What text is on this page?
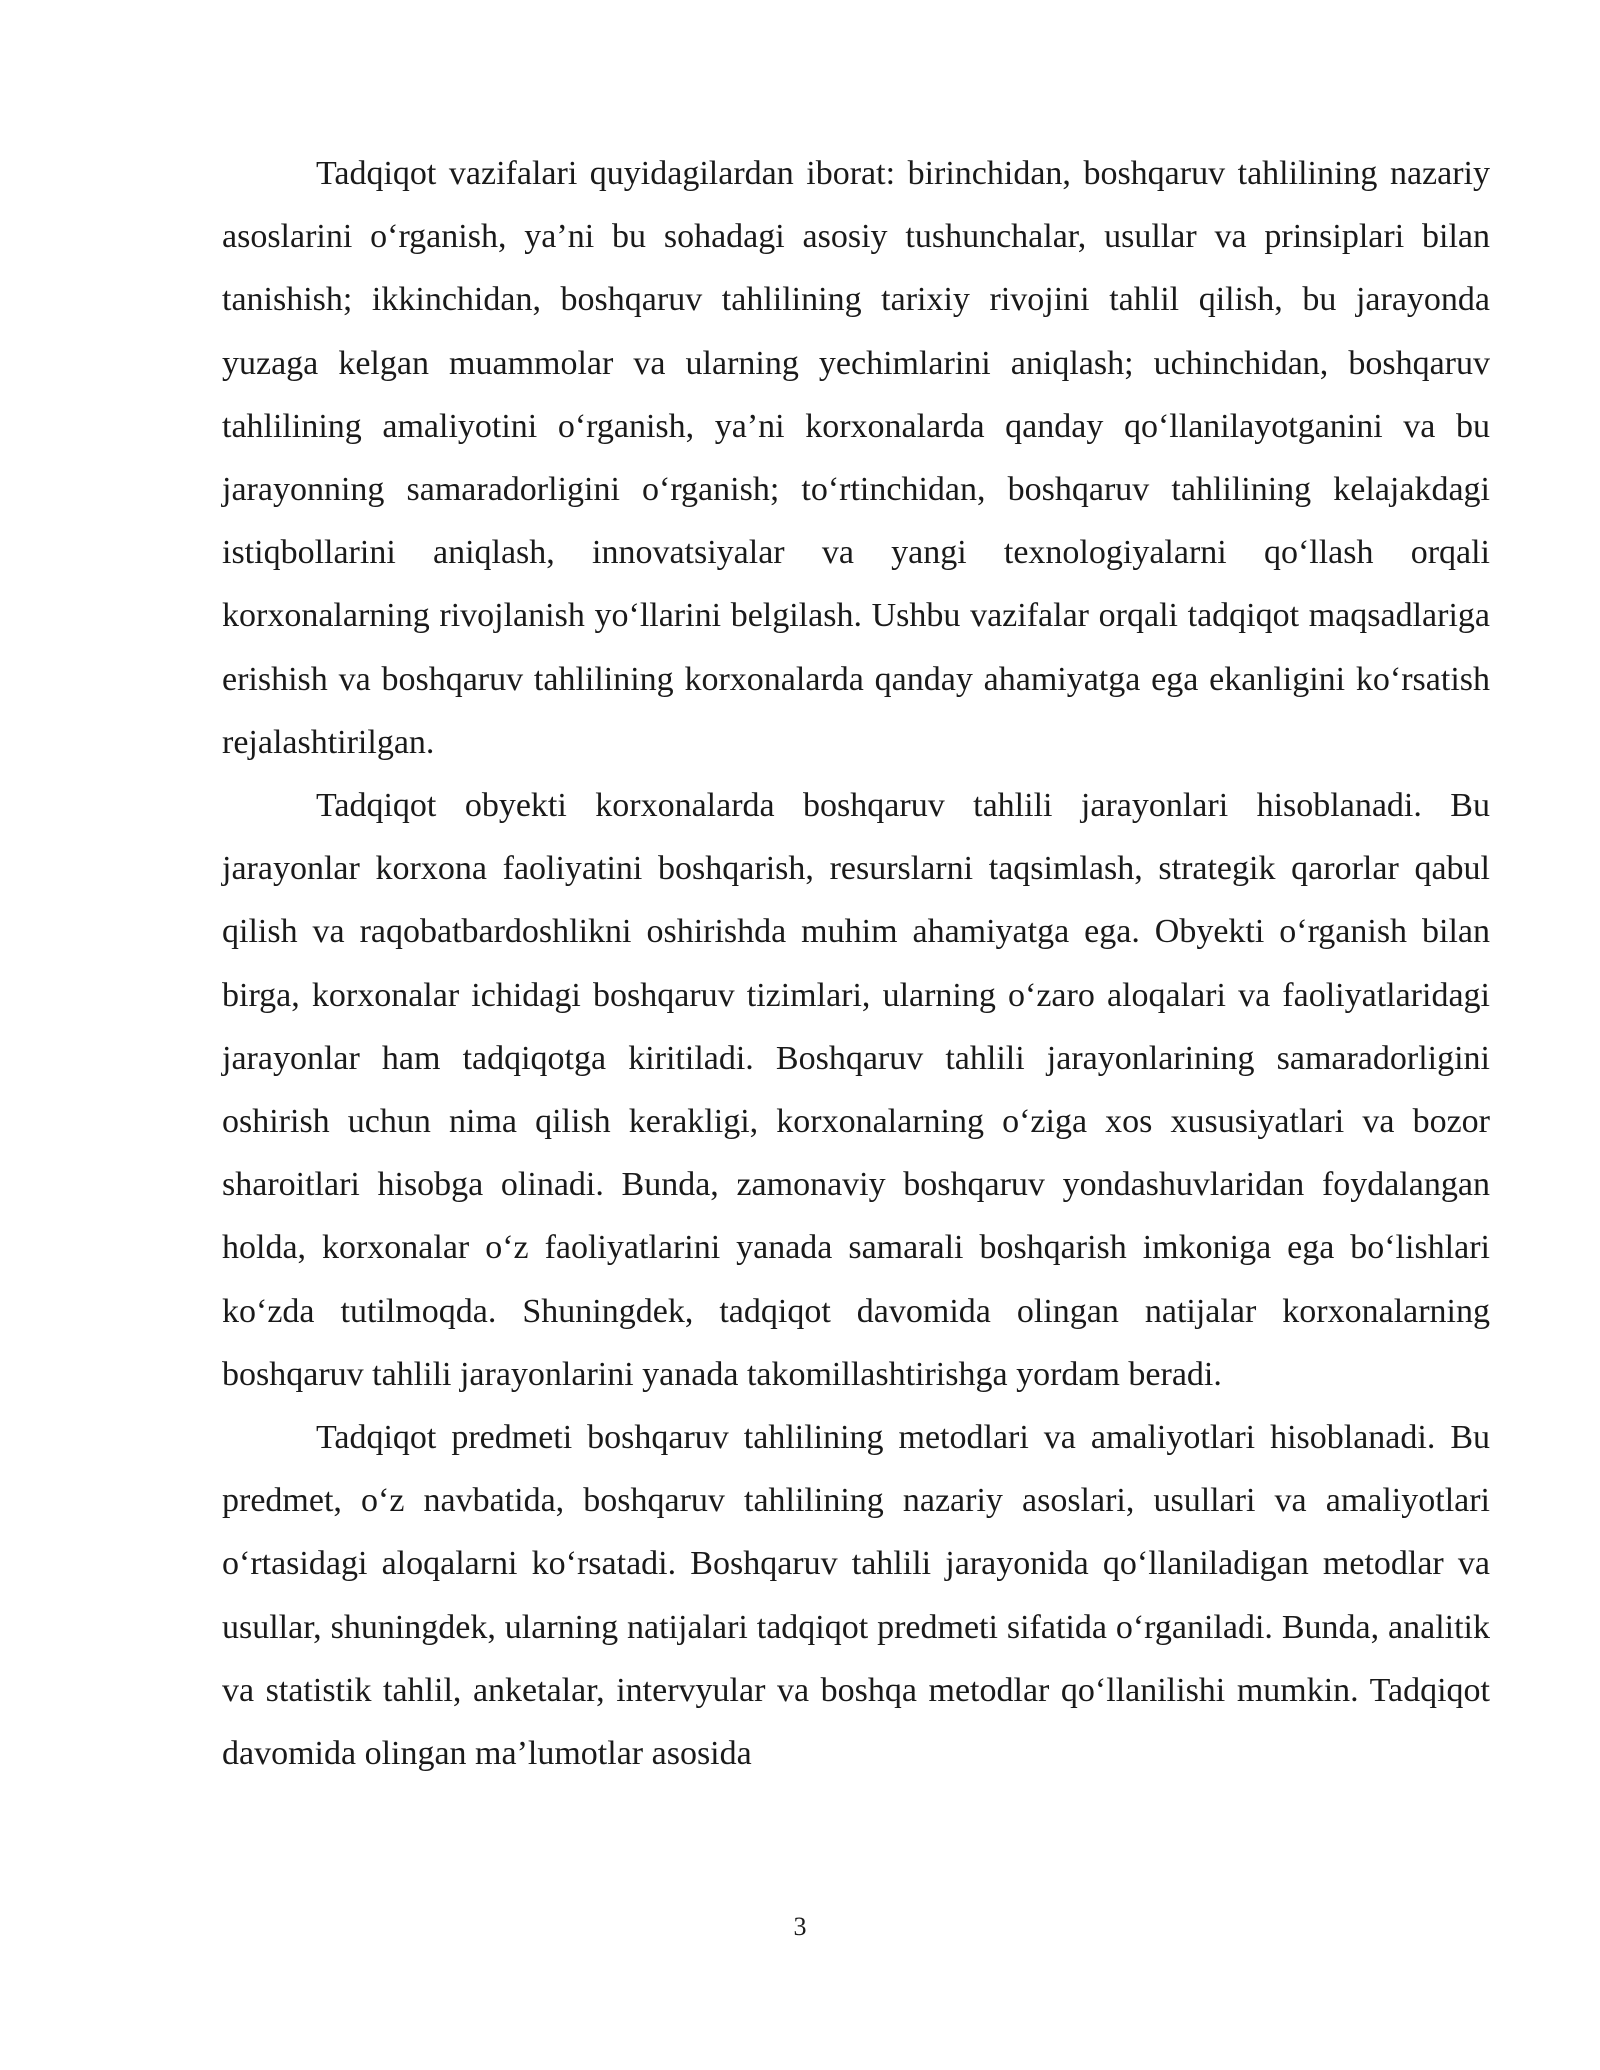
Tadqiqot vazifalari quyidagilardan iborat: birinchidan, boshqaruv tahlilining nazariy asoslarini o‘rganish, ya’ni bu sohadagi asosiy tushunchalar, usullar va prinsiplari bilan tanishish; ikkinchidan, boshqaruv tahlilining tarixiy rivojini tahlil qilish, bu jarayonda yuzaga kelgan muammolar va ularning yechimlarini aniqlash; uchinchidan, boshqaruv tahlilining amaliyotini o‘rganish, ya’ni korxonalarda qanday qo‘llanilayotganini va bu jarayonning samaradorligini o‘rganish; to‘rtinchidan, boshqaruv tahlilining kelajakdagi istiqbollarini aniqlash, innovatsiyalar va yangi texnologiyalarni qo‘llash orqali korxonalarning rivojlanish yo‘llarini belgilash. Ushbu vazifalar orqali tadqiqot maqsadlariga erishish va boshqaruv tahlilining korxonalarda qanday ahamiyatga ega ekanligini ko‘rsatish rejalashtirilgan.

Tadqiqot obyekti korxonalarda boshqaruv tahlili jarayonlari hisoblanadi. Bu jarayonlar korxona faoliyatini boshqarish, resurslarni taqsimlash, strategik qarorlar qabul qilish va raqobatbardoshlikni oshirishda muhim ahamiyatga ega. Obyekti o‘rganish bilan birga, korxonalar ichidagi boshqaruv tizimlari, ularning o‘zaro aloqalari va faoliyatlaridagi jarayonlar ham tadqiqotga kiritiladi. Boshqaruv tahlili jarayonlarining samaradorligini oshirish uchun nima qilish kerakligi, korxonalarning o‘ziga xos xususiyatlari va bozor sharoitlari hisobga olinadi. Bunda, zamonaviy boshqaruv yondashuvlaridan foydalangan holda, korxonalar o‘z faoliyatlarini yanada samarali boshqarish imkoniga ega bo‘lishlari ko‘zda tutilmoqda. Shuningdek, tadqiqot davomida olingan natijalar korxonalarning boshqaruv tahlili jarayonlarini yanada takomillashtirishga yordam beradi.

Tadqiqot predmeti boshqaruv tahlilining metodlari va amaliyotlari hisoblanadi. Bu predmet, o‘z navbatida, boshqaruv tahlilining nazariy asoslari, usullari va amaliyotlari o‘rtasidagi aloqalarni ko‘rsatadi. Boshqaruv tahlili jarayonida qo‘llaniladigan metodlar va usullar, shuningdek, ularning natijalari tadqiqot predmeti sifatida o‘rganiladi. Bunda, analitik va statistik tahlil, anketalar, intervyular va boshqa metodlar qo‘llanilishi mumkin. Tadqiqot davomida olingan ma’lumotlar asosida

3
